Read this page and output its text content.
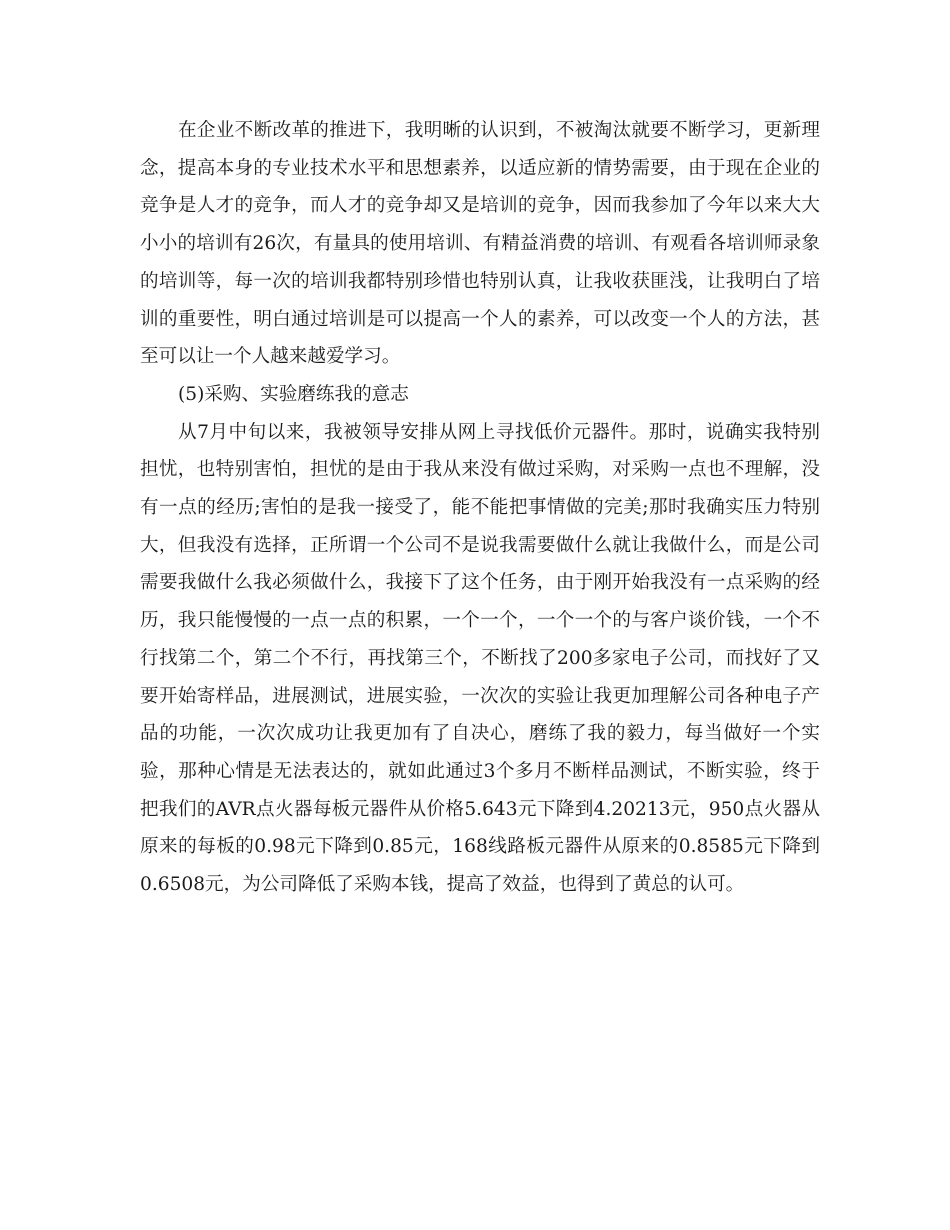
在企业不断改革的推进下，我明晰的认识到，不被淘汰就要不断学习，更新理念，提高本身的专业技术水平和思想素养，以适应新的情势需要，由于现在企业的竞争是人才的竞争，而人才的竞争却又是培训的竞争，因而我参加了今年以来大大小小的培训有26次，有量具的使用培训、有精益消费的培训、有观看各培训师录象的培训等，每一次的培训我都特别珍惜也特别认真，让我收获匪浅，让我明白了培训的重要性，明白通过培训是可以提高一个人的素养，可以改变一个人的方法，甚至可以让一个人越来越爱学习。

(5)采购、实验磨练我的意志

从7月中旬以来，我被领导安排从网上寻找低价元器件。那时，说确实我特别担忧，也特别害怕，担忧的是由于我从来没有做过采购，对采购一点也不理解，没有一点的经历;害怕的是我一接受了，能不能把事情做的完美;那时我确实压力特别大，但我没有选择，正所谓一个公司不是说我需要做什么就让我做什么，而是公司需要我做什么我必须做什么，我接下了这个任务，由于刚开始我没有一点采购的经历，我只能慢慢的一点一点的积累，一个一个，一个一个的与客户谈价钱，一个不行找第二个，第二个不行，再找第三个，不断找了200多家电子公司，而找好了又要开始寄样品，进展测试，进展实验，一次次的实验让我更加理解公司各种电子产品的功能，一次次成功让我更加有了自决心，磨练了我的毅力，每当做好一个实验，那种心情是无法表达的，就如此通过3个多月不断样品测试，不断实验，终于把我们的AVR点火器每板元器件从价格5.643元下降到4.20213元，950点火器从原来的每板的0.98元下降到0.85元，168线路板元器件从原来的0.8585元下降到0.6508元，为公司降低了采购本钱，提高了效益，也得到了黄总的认可。
